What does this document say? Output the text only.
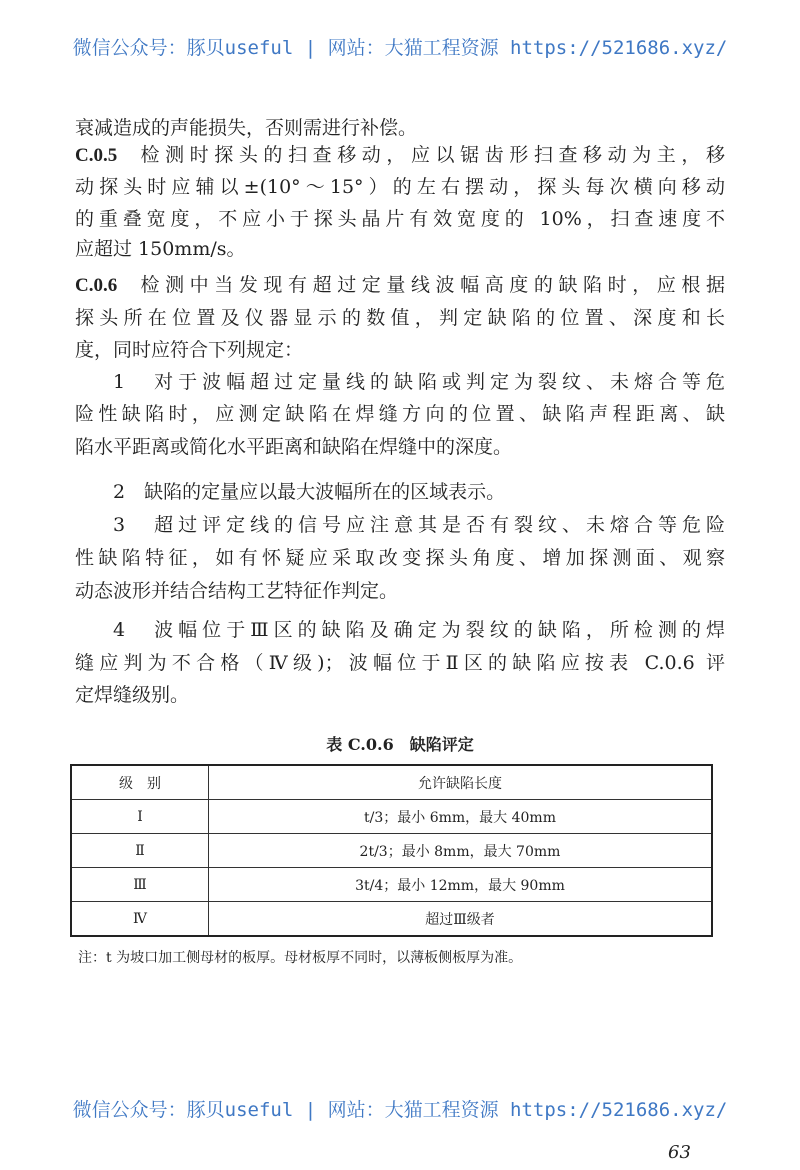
微信公众号：豚贝useful | 网站：大猫工程资源 https://521686.xyz/
衰减造成的声能损失，否则需进行补偿。
C.0.5 检测时探头的扫查移动，应以锯齿形扫查移动为主，移
动探头时应辅以±(10°～15°）的左右摆动，探头每次横向移动
的重叠宽度，不应小于探头晶片有效宽度的 10%，扫查速度不
应超过 150mm/s。
C.0.6 检测中当发现有超过定量线波幅高度的缺陷时，应根据
探头所在位置及仪器显示的数值，判定缺陷的位置、深度和长
度，同时应符合下列规定：
1　对于波幅超过定量线的缺陷或判定为裂纹、未熔合等危
险性缺陷时，应测定缺陷在焊缝方向的位置、缺陷声程距离、缺
陷水平距离或简化水平距离和缺陷在焊缝中的深度。
2　缺陷的定量应以最大波幅所在的区域表示。
3　超过评定线的信号应注意其是否有裂纹、未熔合等危险
性缺陷特征，如有怀疑应采取改变探头角度、增加探测面、观察
动态波形并结合结构工艺特征作判定。
4　波幅位于Ⅲ区的缺陷及确定为裂纹的缺陷，所检测的焊
缝应判为不合格（Ⅳ级)；波幅位于Ⅱ区的缺陷应按表 C.0.6 评
定焊缝级别。
表 C.0.6　缺陷评定
级　别	允许缺陷长度
Ⅰ	t/3；最小 6mm，最大 40mm
Ⅱ	2t/3；最小 8mm，最大 70mm
Ⅲ	3t/4；最小 12mm，最大 90mm
Ⅳ	超过Ⅲ级者
注：t 为坡口加工侧母材的板厚。母材板厚不同时，以薄板侧板厚为准。
微信公众号：豚贝useful | 网站：大猫工程资源 https://521686.xyz/
63
